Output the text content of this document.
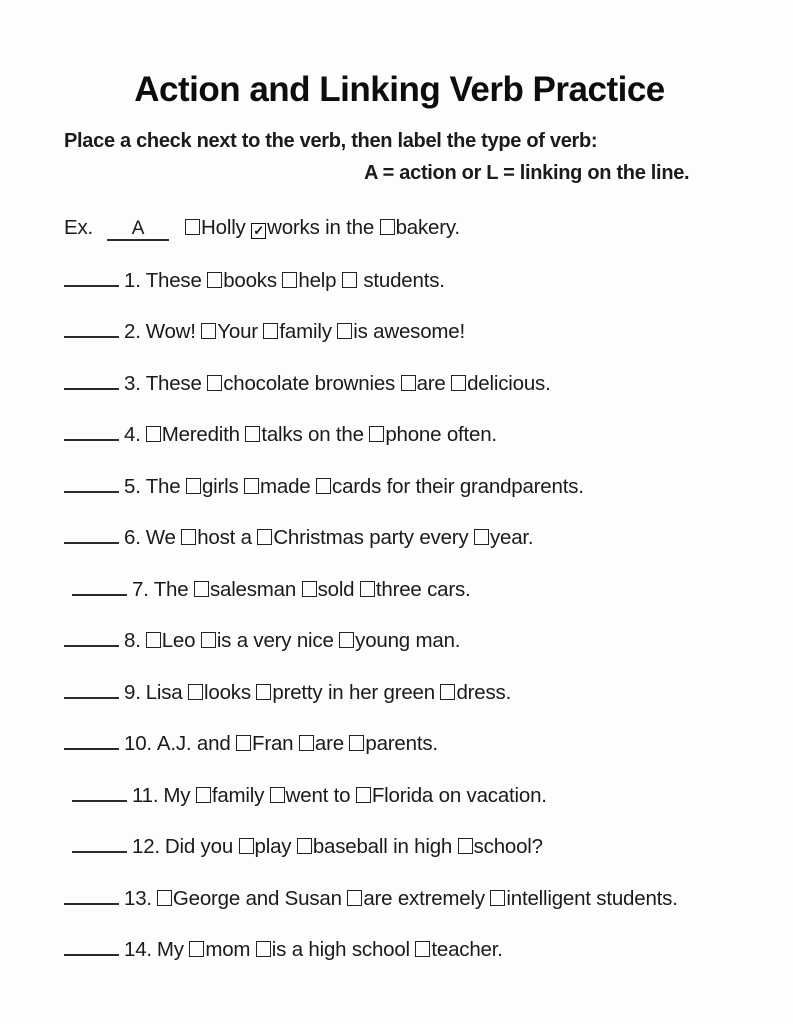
Action and Linking Verb Practice
Place a check next to the verb, then label the type of verb:
A = action or L = linking on the line.
Ex. A	Holly ✓ works in the bakery.
1. These books help  students.
2. Wow! Your family is awesome!
3. These chocolate brownies are delicious.
4. Meredith talks on the phone often.
5. The girls made cards for their grandparents.
6. We host a Christmas party every year.
7. The salesman sold three cars.
8. Leo is a very nice young man.
9. Lisa looks pretty in her green dress.
10. A.J. and Fran are parents.
11. My family went to Florida on vacation.
12. Did you play baseball in high school?
13. George and Susan are extremely intelligent students.
14. My mom is a high school teacher.
